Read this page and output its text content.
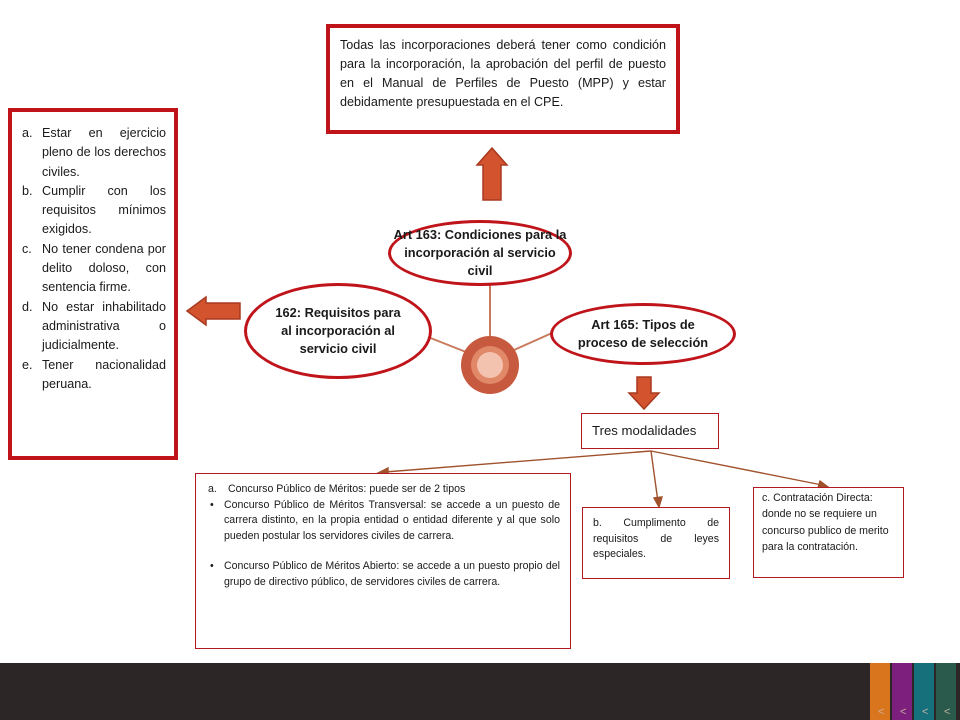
Todas las incorporaciones deberá tener como condición para la incorporación, la aprobación del perfil de puesto en el Manual de Perfiles de Puesto (MPP) y estar debidamente presupuestada en el CPE.

a. Estar en ejercicio pleno de los derechos civiles.
b. Cumplir con los requisitos mínimos exigidos.
c. No tener condena por delito doloso, con sentencia firme.
d. No estar inhabilitado administrativa o judicialmente.
e. Tener nacionalidad peruana.
Art 163: Condiciones para la incorporación al servicio civil
162: Requisitos para al incorporación al servicio civil
Art 165: Tipos de proceso de selección
Tres modalidades
a.	Concurso Público de Méritos: puede ser de 2 tipos
• Concurso Público de Méritos Transversal: se accede a un puesto de carrera distinto, en la propia entidad o entidad diferente y al que solo pueden postular los servidores civiles de carrera.
• Concurso Público de Méritos Abierto: se accede a un puesto propio del grupo de directivo público, de servidores civiles de carrera.

b. Cumplimento de requisitos de leyes especiales.

c. Contratación Directa: donde no se requiere un concurso publico de merito para la contratación.

< < < <
